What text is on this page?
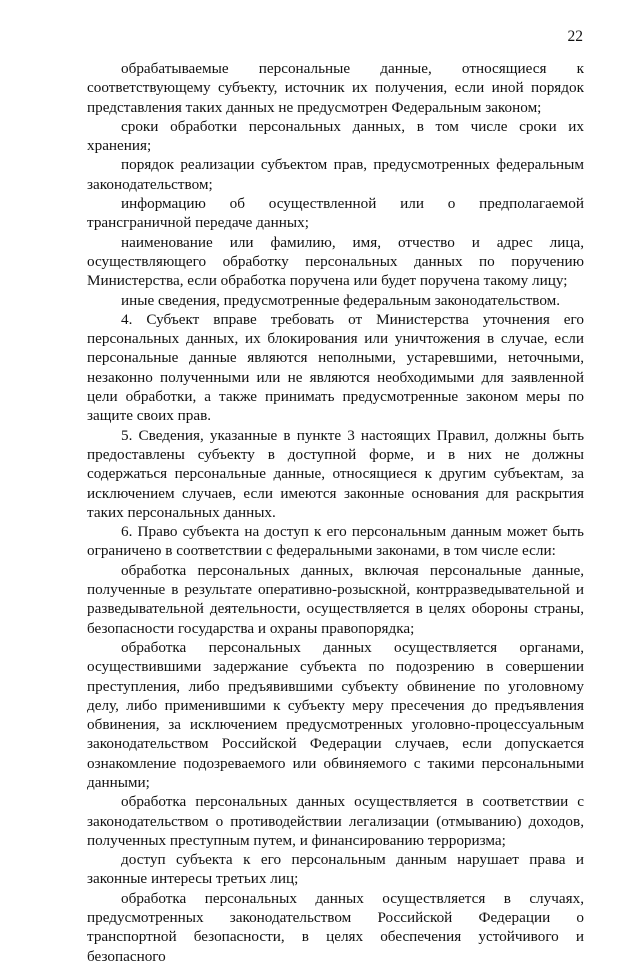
22

обрабатываемые персональные данные, относящиеся к соответствующему субъекту, источник их получения, если иной порядок представления таких данных не предусмотрен Федеральным законом;

сроки обработки персональных данных, в том числе сроки их хранения;

порядок реализации субъектом прав, предусмотренных федеральным законодательством;

информацию об осуществленной или о предполагаемой трансграничной передаче данных;

наименование или фамилию, имя, отчество и адрес лица, осуществляющего обработку персональных данных по поручению Министерства, если обработка поручена или будет поручена такому лицу;

иные сведения, предусмотренные федеральным законодательством.

4. Субъект вправе требовать от Министерства уточнения его персональных данных, их блокирования или уничтожения в случае, если персональные данные являются неполными, устаревшими, неточными, незаконно полученными или не являются необходимыми для заявленной цели обработки, а также принимать предусмотренные законом меры по защите своих прав.

5. Сведения, указанные в пункте 3 настоящих Правил, должны быть предоставлены субъекту в доступной форме, и в них не должны содержаться персональные данные, относящиеся к другим субъектам, за исключением случаев, если имеются законные основания для раскрытия таких персональных данных.

6. Право субъекта на доступ к его персональным данным может быть ограничено в соответствии с федеральными законами, в том числе если:

обработка персональных данных, включая персональные данные, полученные в результате оперативно-розыскной, контрразведывательной и разведывательной деятельности, осуществляется в целях обороны страны, безопасности государства и охраны правопорядка;

обработка персональных данных осуществляется органами, осуществившими задержание субъекта по подозрению в совершении преступления, либо предъявившими субъекту обвинение по уголовному делу, либо применившими к субъекту меру пресечения до предъявления обвинения, за исключением предусмотренных уголовно-процессуальным законодательством Российской Федерации случаев, если допускается ознакомление подозреваемого или обвиняемого с такими персональными данными;

обработка персональных данных осуществляется в соответствии с законодательством о противодействии легализации (отмыванию) доходов, полученных преступным путем, и финансированию терроризма;

доступ субъекта к его персональным данным нарушает права и законные интересы третьих лиц;

обработка персональных данных осуществляется в случаях, предусмотренных законодательством Российской Федерации о транспортной безопасности, в целях обеспечения устойчивого и безопасного
